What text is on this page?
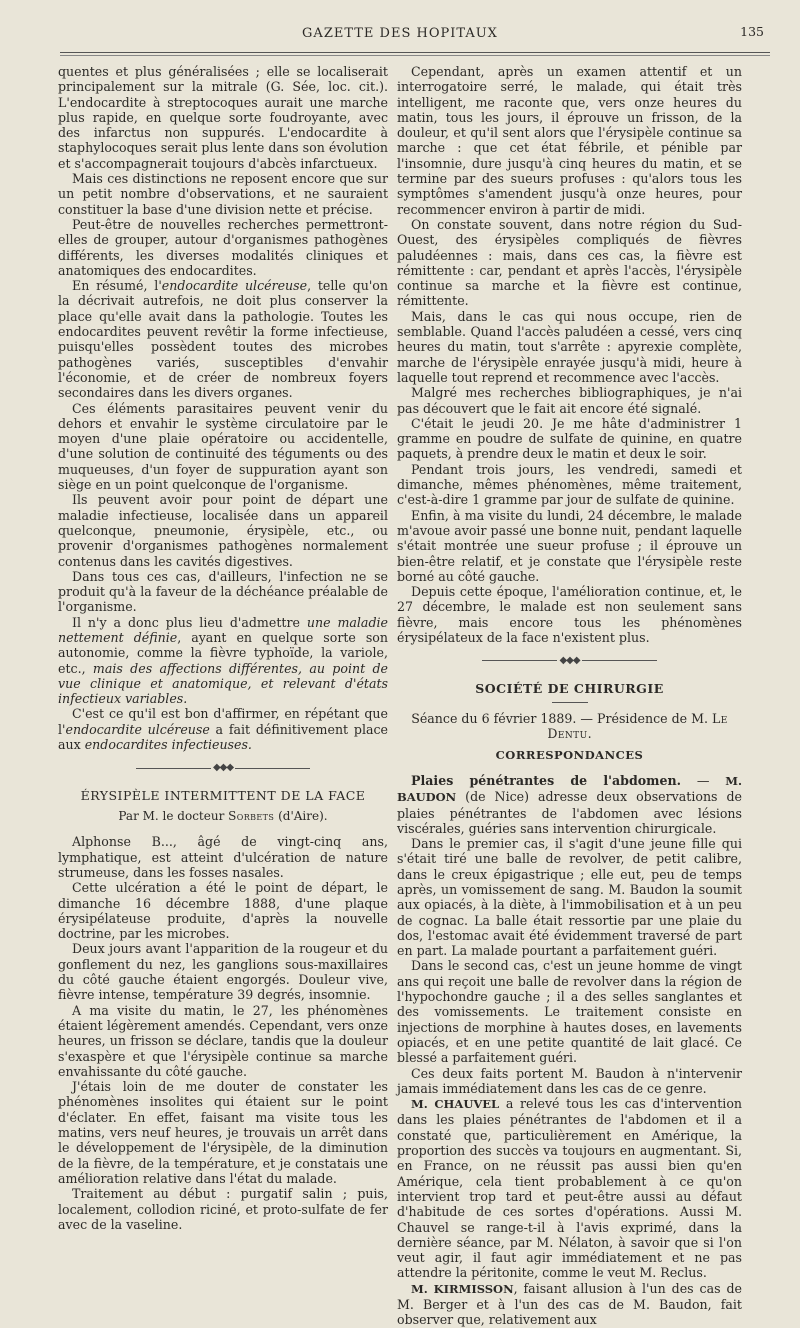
GAZETTE DES HOPITAUX	135

quentes et plus généralisées ; elle se localiserait principalement sur la mitrale (G. Sée, loc. cit.). L'endocardite à streptocoques aurait une marche plus rapide, en quelque sorte foudroyante, avec des infarctus non suppurés. L'endocardite à staphylocoques serait plus lente dans son évolution et s'accompagnerait toujours d'abcès infarctueux.

Mais ces distinctions ne reposent encore que sur un petit nombre d'observations, et ne sauraient constituer la base d'une division nette et précise.

Peut-être de nouvelles recherches permettront-elles de grouper, autour d'organismes pathogènes différents, les diverses modalités cliniques et anatomiques des endocardites.

En résumé, l'endocardite ulcéreuse, telle qu'on la décrivait autrefois, ne doit plus conserver la place qu'elle avait dans la pathologie. Toutes les endocardites peuvent revêtir la forme infectieuse, puisqu'elles possèdent toutes des microbes pathogènes variés, susceptibles d'envahir l'économie, et de créer de nombreux foyers secondaires dans les divers organes.

Ces éléments parasitaires peuvent venir du dehors et envahir le système circulatoire par le moyen d'une plaie opératoire ou accidentelle, d'une solution de continuité des téguments ou des muqueuses, d'un foyer de suppuration ayant son siège en un point quelconque de l'organisme.

Ils peuvent avoir pour point de départ une maladie infectieuse, localisée dans un appareil quelconque, pneumonie, érysipèle, etc., ou provenir d'organismes pathogènes normalement contenus dans les cavités digestives.

Dans tous ces cas, d'ailleurs, l'infection ne se produit qu'à la faveur de la déchéance préalable de l'organisme.

Il n'y a donc plus lieu d'admettre une maladie nettement définie, ayant en quelque sorte son autonomie, comme la fièvre typhoïde, la variole, etc., mais des affections différentes, au point de vue clinique et anatomique, et relevant d'états infectieux variables.

C'est ce qu'il est bon d'affirmer, en répétant que l'endocardite ulcéreuse a fait définitivement place aux endocardites infectieuses.

◆◆◆
ÉRYSIPÈLE INTERMITTENT DE LA FACE
Par M. le docteur Sorbets (d'Aire).

Alphonse B..., âgé de vingt-cinq ans, lymphatique, est atteint d'ulcération de nature strumeuse, dans les fosses nasales.

Cette ulcération a été le point de départ, le dimanche 16 décembre 1888, d'une plaque érysipélateuse produite, d'après la nouvelle doctrine, par les microbes.

Deux jours avant l'apparition de la rougeur et du gonflement du nez, les ganglions sous-maxillaires du côté gauche étaient engorgés. Douleur vive, fièvre intense, température 39 degrés, insomnie.

A ma visite du matin, le 27, les phénomènes étaient légèrement amendés. Cependant, vers onze heures, un frisson se déclare, tandis que la douleur s'exaspère et que l'érysipèle continue sa marche envahissante du côté gauche.

J'étais loin de me douter de constater les phénomènes insolites qui étaient sur le point d'éclater. En effet, faisant ma visite tous les matins, vers neuf heures, je trouvais un arrêt dans le développement de l'érysipèle, de la diminution de la fièvre, de la température, et je constatais une amélioration relative dans l'état du malade.

Traitement au début : purgatif salin ; puis, localement, collodion riciné, et proto-sulfate de fer avec de la vaseline.

Cependant, après un examen attentif et un interrogatoire serré, le malade, qui était très intelligent, me raconte que, vers onze heures du matin, tous les jours, il éprouve un frisson, de la douleur, et qu'il sent alors que l'érysipèle continue sa marche : que cet état fébrile, et pénible par l'insomnie, dure jusqu'à cinq heures du matin, et se termine par des sueurs profuses : qu'alors tous les symptômes s'amendent jusqu'à onze heures, pour recommencer environ à partir de midi.

On constate souvent, dans notre région du Sud-Ouest, des érysipèles compliqués de fièvres paludéennes : mais, dans ces cas, la fièvre est rémittente : car, pendant et après l'accès, l'érysipèle continue sa marche et la fièvre est continue, rémittente.

Mais, dans le cas qui nous occupe, rien de semblable. Quand l'accès paludéen a cessé, vers cinq heures du matin, tout s'arrête : apyrexie complète, marche de l'érysipèle enrayée jusqu'à midi, heure à laquelle tout reprend et recommence avec l'accès.

Malgré mes recherches bibliographiques, je n'ai pas découvert que le fait ait encore été signalé.

C'était le jeudi 20. Je me hâte d'administrer 1 gramme en poudre de sulfate de quinine, en quatre paquets, à prendre deux le matin et deux le soir.

Pendant trois jours, les vendredi, samedi et dimanche, mêmes phénomènes, même traitement, c'est-à-dire 1 gramme par jour de sulfate de quinine.

Enfin, à ma visite du lundi, 24 décembre, le malade m'avoue avoir passé une bonne nuit, pendant laquelle s'était montrée une sueur profuse ; il éprouve un bien-être relatif, et je constate que l'érysipèle reste borné au côté gauche.

Depuis cette époque, l'amélioration continue, et, le 27 décembre, le malade est non seulement sans fièvre, mais encore tous les phénomènes érysipélateux de la face n'existent plus.

◆◆◆
SOCIÉTÉ DE CHIRURGIE
Séance du 6 février 1889. — Présidence de M. Le Dentu.
CORRESPONDANCES

Plaies pénétrantes de l'abdomen. — M. BAUDON (de Nice) adresse deux observations de plaies pénétrantes de l'abdomen avec lésions viscérales, guéries sans intervention chirurgicale.

Dans le premier cas, il s'agit d'une jeune fille qui s'était tiré une balle de revolver, de petit calibre, dans le creux épigastrique ; elle eut, peu de temps après, un vomissement de sang. M. Baudon la soumit aux opiacés, à la diète, à l'immobilisation et à un peu de cognac. La balle était ressortie par une plaie du dos, l'estomac avait été évidemment traversé de part en part. La malade pourtant a parfaitement guéri.

Dans le second cas, c'est un jeune homme de vingt ans qui reçoit une balle de revolver dans la région de l'hypochondre gauche ; il a des selles sanglantes et des vomissements. Le traitement consiste en injections de morphine à hautes doses, en lavements opiacés, et en une petite quantité de lait glacé. Ce blessé a parfaitement guéri.

Ces deux faits portent M. Baudon à n'intervenir jamais immédiatement dans les cas de ce genre.

M. CHAUVEL a relevé tous les cas d'intervention dans les plaies pénétrantes de l'abdomen et il a constaté que, particulièrement en Amérique, la proportion des succès va toujours en augmentant. Si, en France, on ne réussit pas aussi bien qu'en Amérique, cela tient probablement à ce qu'on intervient trop tard et peut-être aussi au défaut d'habitude de ces sortes d'opérations. Aussi M. Chauvel se range-t-il à l'avis exprimé, dans la dernière séance, par M. Nélaton, à savoir que si l'on veut agir, il faut agir immédiatement et ne pas attendre la péritonite, comme le veut M. Reclus.

M. KIRMISSON, faisant allusion à l'un des cas de M. Berger et à l'un des cas de M. Baudon, fait observer que, relativement aux
